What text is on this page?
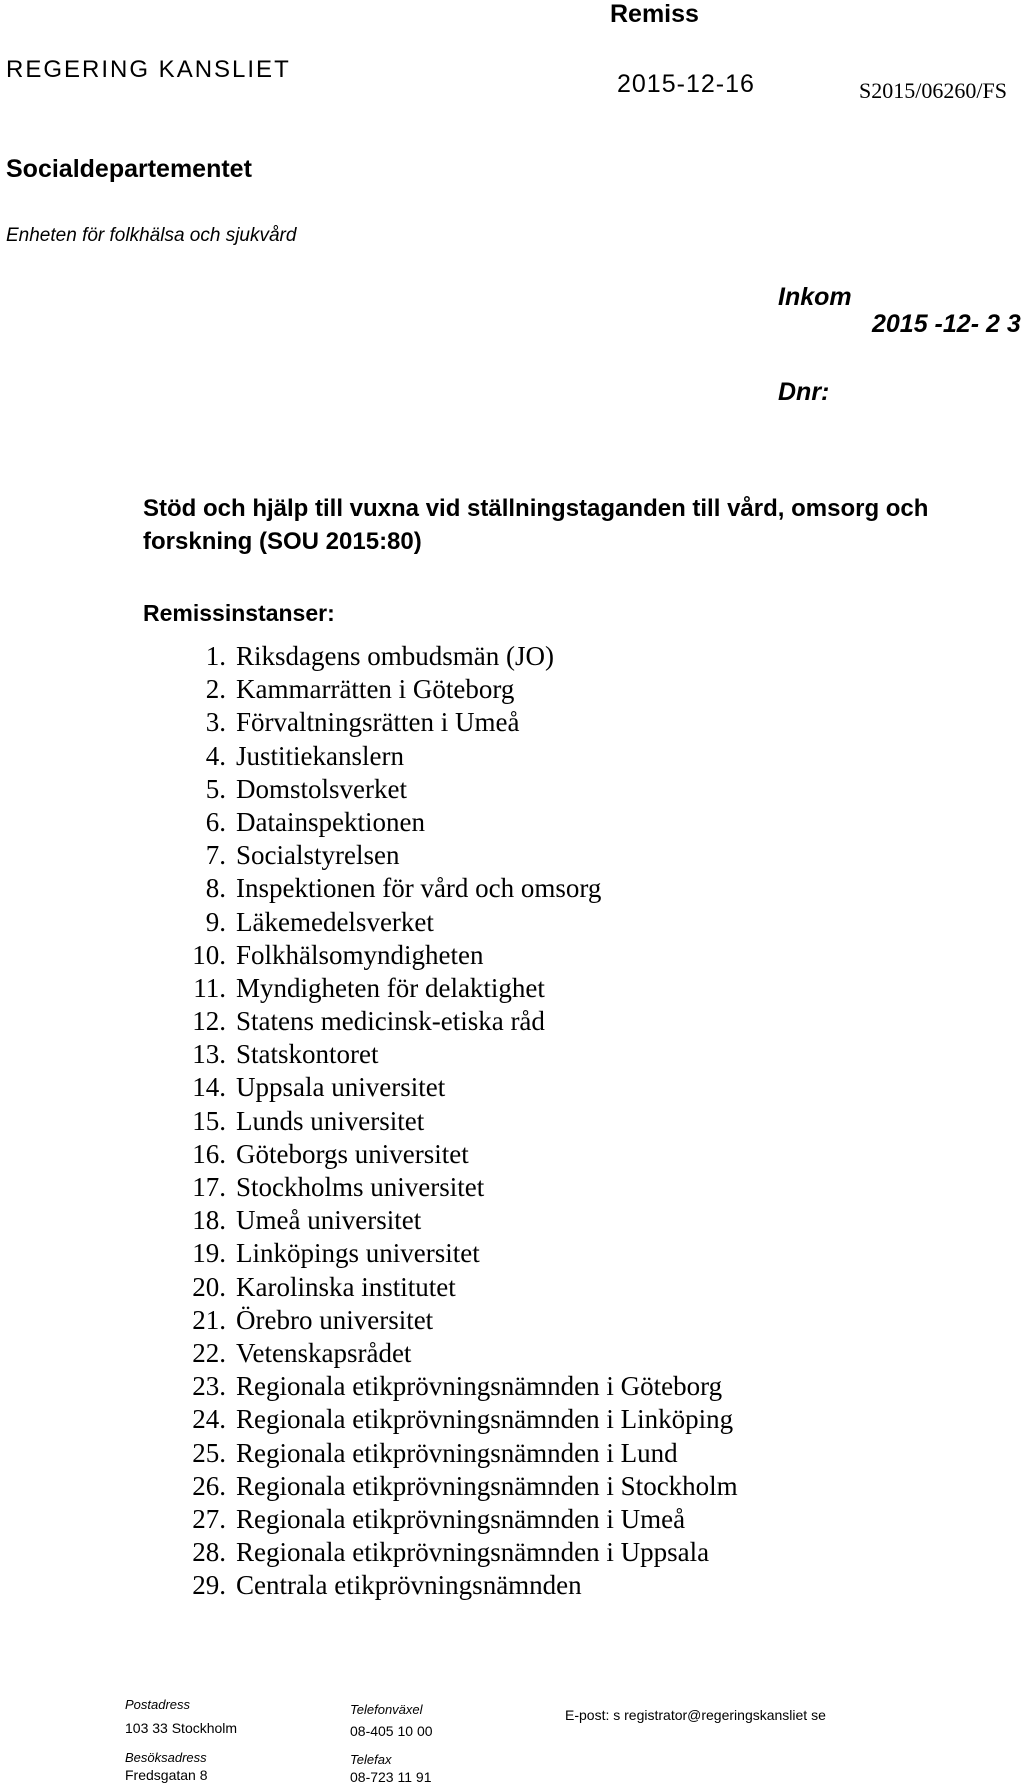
Remiss
REGERING KANSLIET
2015-12-16	S2015/06260/FS
Socialdepartementet
Enheten för folkhälsa och sjukvård
Inkom
2015 -12- 2 3
Dnr:
Stöd och hjälp till vuxna vid ställningstaganden till vård, omsorg och forskning (SOU 2015:80)
Remissinstanser:
1. Riksdagens ombudsmän (JO)
2. Kammarrätten i Göteborg
3. Förvaltningsrätten i Umeå
4. Justitiekanslern
5. Domstolsverket
6. Datainspektionen
7. Socialstyrelsen
8. Inspektionen för vård och omsorg
9. Läkemedelsverket
10. Folkhälsomyndigheten
11. Myndigheten för delaktighet
12. Statens medicinsk-etiska råd
13. Statskontoret
14. Uppsala universitet
15. Lunds universitet
16. Göteborgs universitet
17. Stockholms universitet
18. Umeå universitet
19. Linköpings universitet
20. Karolinska institutet
21. Örebro universitet
22. Vetenskapsrådet
23. Regionala etikprövningsnämnden i Göteborg
24. Regionala etikprövningsnämnden i Linköping
25. Regionala etikprövningsnämnden i Lund
26. Regionala etikprövningsnämnden i Stockholm
27. Regionala etikprövningsnämnden i Umeå
28. Regionala etikprövningsnämnden i Uppsala
29. Centrala etikprövningsnämnden
Postadress
103 33 Stockholm
Besöksadress
Fredsgatan 8
Telefonväxel
08-405 10 00
Telefax
08-723 11 91
E-post: s registrator@regeringskansliet se
